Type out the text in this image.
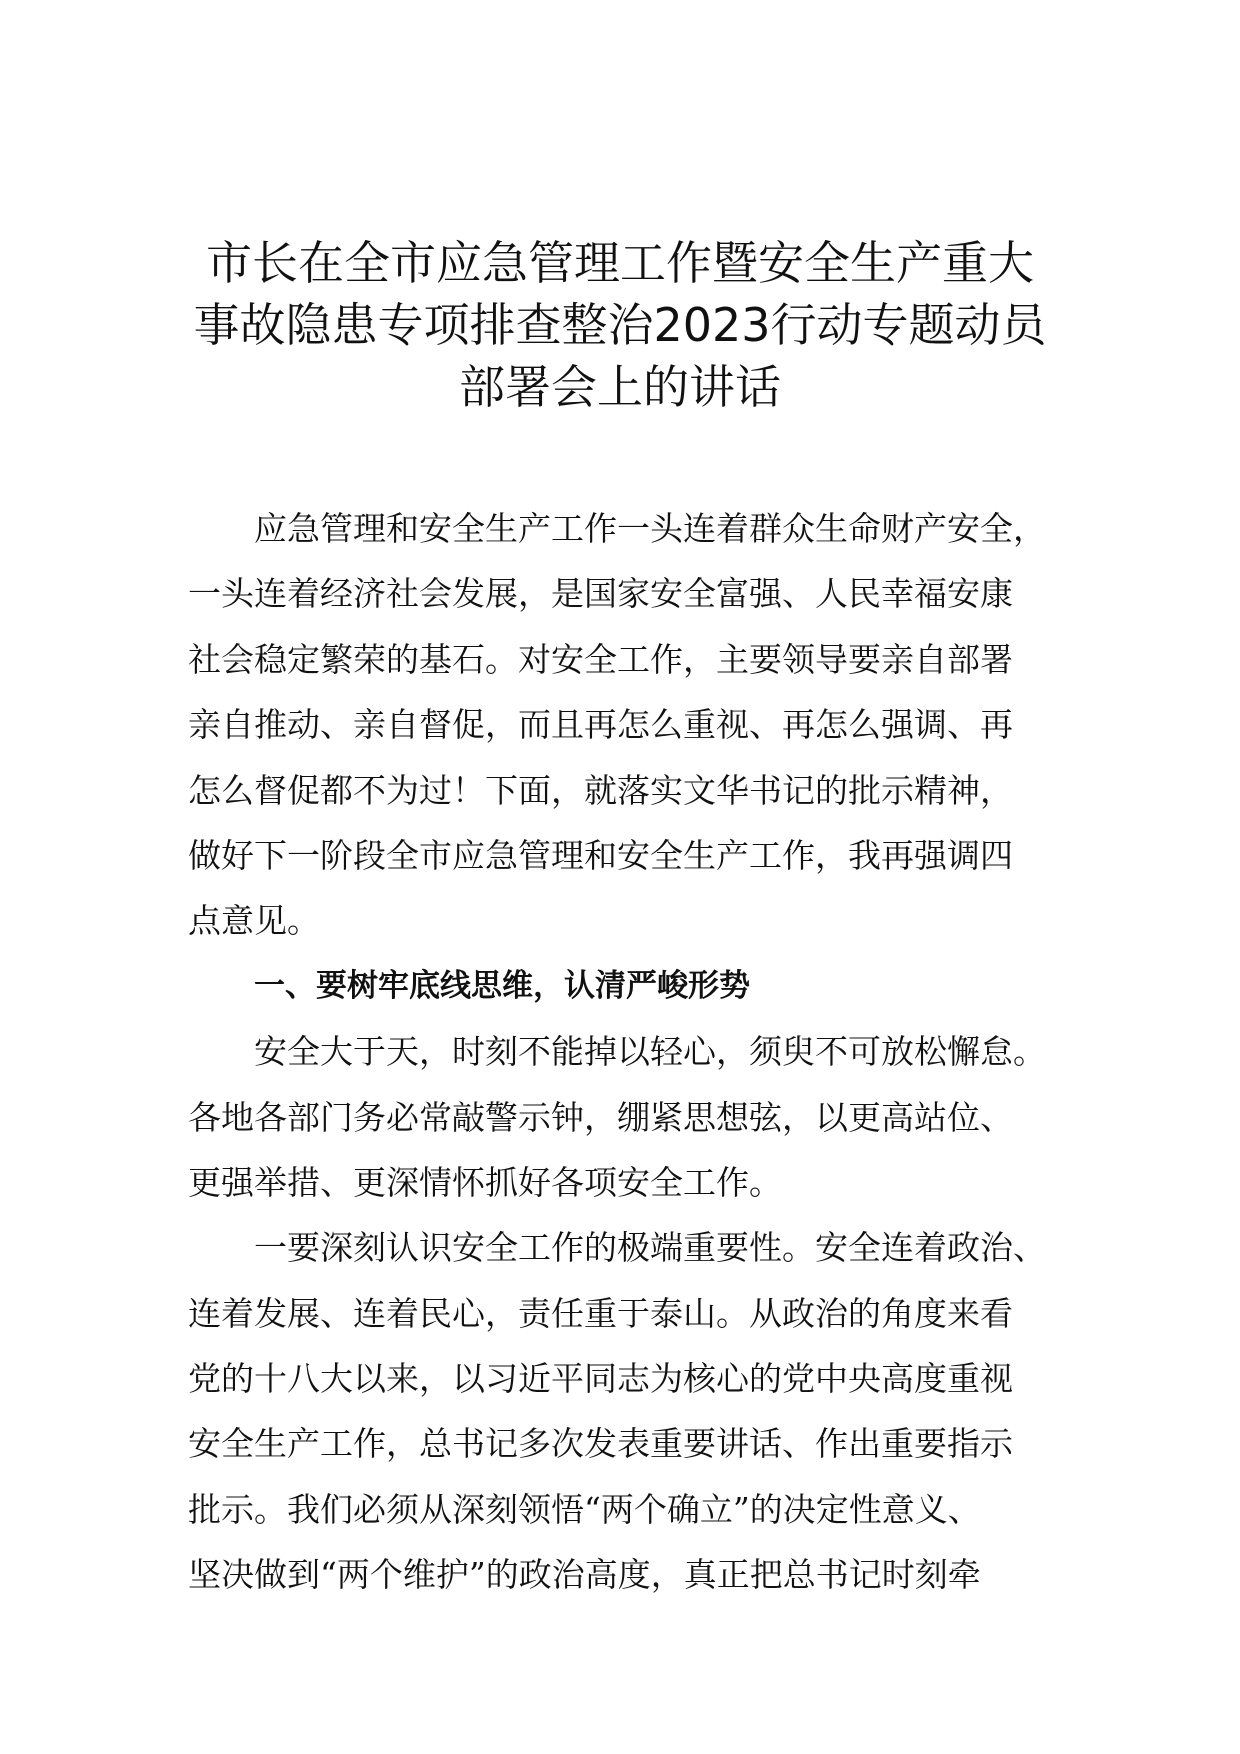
市长在全市应急管理工作暨安全生产重大
事故隐患专项排查整治2023行动专题动员
部署会上的讲话
应急管理和安全生产工作一头连着群众生命财产安全，
一头连着经济社会发展，是国家安全富强、人民幸福安康
社会稳定繁荣的基石。对安全工作，主要领导要亲自部署
亲自推动、亲自督促，而且再怎么重视、再怎么强调、再
怎么督促都不为过！下面，就落实文华书记的批示精神，
做好下一阶段全市应急管理和安全生产工作，我再强调四
点意见。
一、要树牢底线思维，认清严峻形势
安全大于天，时刻不能掉以轻心，须臾不可放松懈怠。
各地各部门务必常敲警示钟，绷紧思想弦，以更高站位、
更强举措、更深情怀抓好各项安全工作。
一要深刻认识安全工作的极端重要性。安全连着政治、
连着发展、连着民心，责任重于泰山。从政治的角度来看
党的十八大以来，以习近平同志为核心的党中央高度重视
安全生产工作，总书记多次发表重要讲话、作出重要指示
批示。我们必须从深刻领悟“两个确立”的决定性意义、
坚决做到“两个维护”的政治高度，真正把总书记时刻牵
